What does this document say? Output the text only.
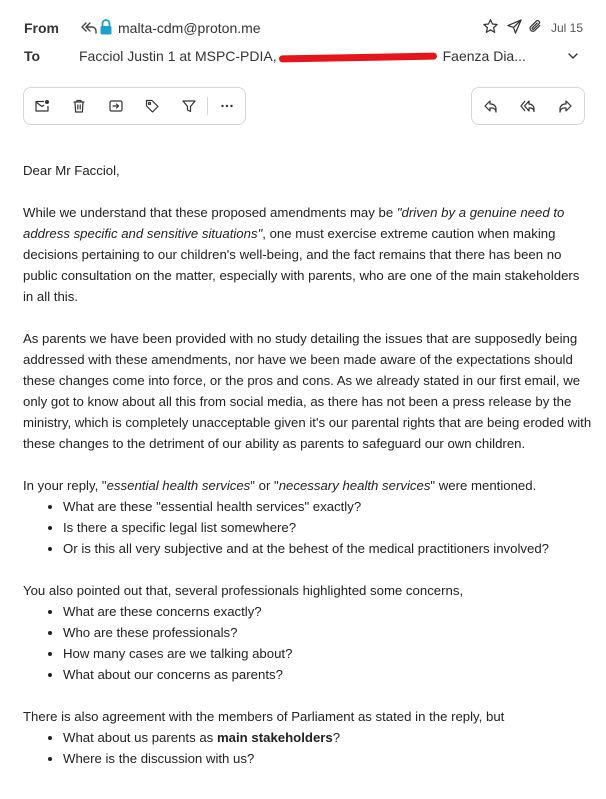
From	malta-cdm@proton.me	Jul 15
To	Facciol Justin 1 at MSPC-PDIA,	Faenza Dia...

Dear Mr Facciol,

While we understand that these proposed amendments may be "driven by a genuine need to address specific and sensitive situations", one must exercise extreme caution when making decisions pertaining to our children's well-being, and the fact remains that there has been no public consultation on the matter, especially with parents, who are one of the main stakeholders in all this.

As parents we have been provided with no study detailing the issues that are supposedly being addressed with these amendments, nor have we been made aware of the expectations should these changes come into force, or the pros and cons. As we already stated in our first email, we only got to know about all this from social media, as there has not been a press release by the ministry, which is completely unacceptable given it's our parental rights that are being eroded with these changes to the detriment of our ability as parents to safeguard our own children.

In your reply, "essential health services" or "necessary health services" were mentioned.

• What are these "essential health services" exactly?
• Is there a specific legal list somewhere?
• Or is this all very subjective and at the behest of the medical practitioners involved?

You also pointed out that, several professionals highlighted some concerns,

• What are these concerns exactly?
• Who are these professionals?
• How many cases are we talking about?
• What about our concerns as parents?

There is also agreement with the members of Parliament as stated in the reply, but

• What about us parents as main stakeholders?
• Where is the discussion with us?
